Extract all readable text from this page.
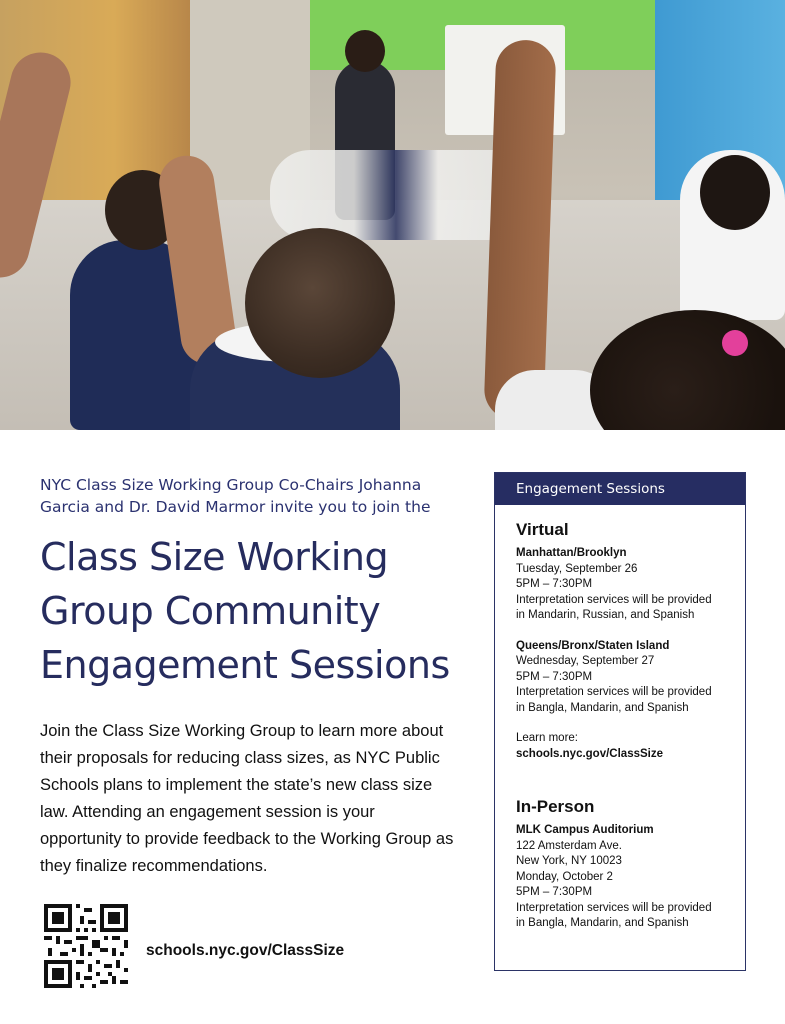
NYC Class Size Working Group Co-Chairs Johanna Garcia and Dr. David Marmor invite you to join the

Class Size Working
Group Community
Engagement Sessions

Join the Class Size Working Group to learn more about their proposals for reducing class sizes, as NYC Public Schools plans to implement the state’s new class size law. Attending an engagement session is your opportunity to provide feedback to the Working Group as they finalize recommendations.

schools.nyc.gov/ClassSize
Engagement Sessions
Virtual
Manhattan/Brooklyn
Tuesday, September 26
5PM – 7:30PM
Interpretation services will be provided
in Mandarin, Russian, and Spanish
Queens/Bronx/Staten Island
Wednesday, September 27
5PM – 7:30PM
Interpretation services will be provided
in Bangla, Mandarin, and Spanish
Learn more:
schools.nyc.gov/ClassSize
In-Person
MLK Campus Auditorium
122 Amsterdam Ave.
New York, NY 10023
Monday, October 2
5PM – 7:30PM
Interpretation services will be provided
in Bangla, Mandarin, and Spanish
